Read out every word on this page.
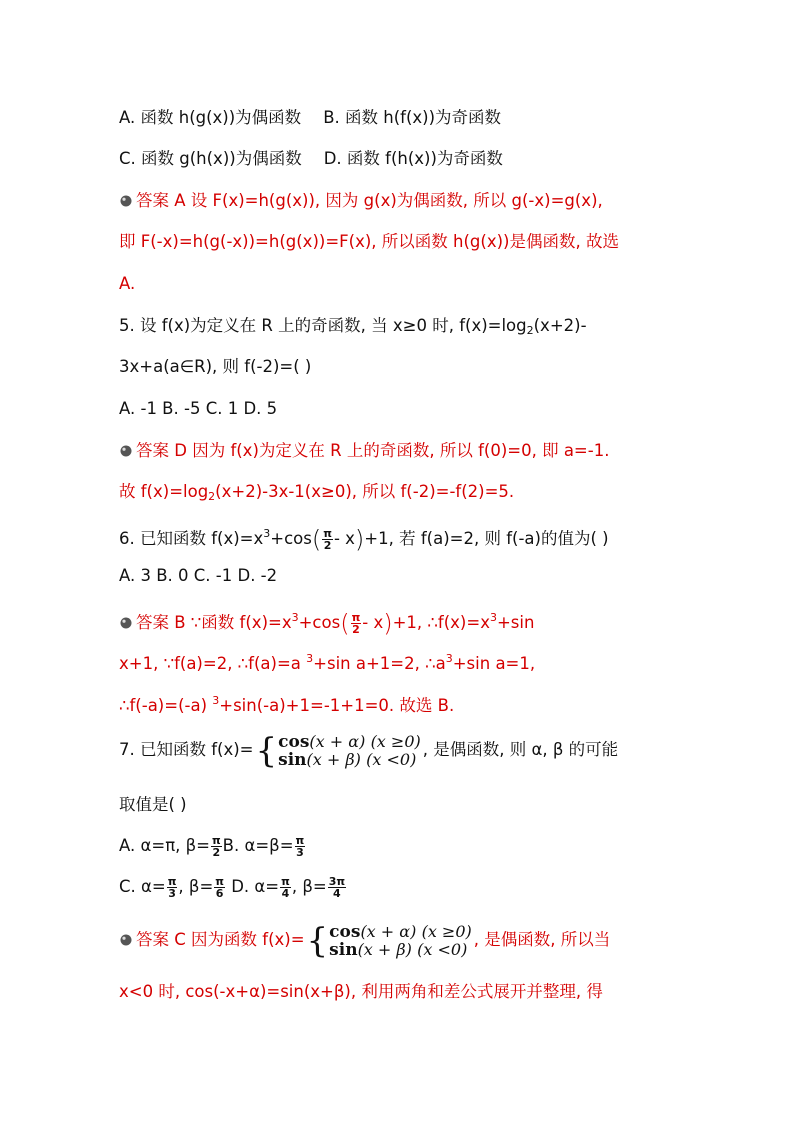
A. 函数 h(g(x))为偶函数 B. 函数 h(f(x))为奇函数
C. 函数 g(h(x))为偶函数 D. 函数 f(h(x))为奇函数
答案 A 设 F(x)=h(g(x)), 因为 g(x)为偶函数, 所以 g(-x)=g(x),
即 F(-x)=h(g(-x))=h(g(x))=F(x), 所以函数 h(g(x))是偶函数, 故选
A.
5. 设 f(x)为定义在 R 上的奇函数, 当 x≥0 时, $f(x)=\log_2(x+2)-$
3x+a(a∈R), 则 f(-2)=( )
A. -1 B. -5 C. 1 D. 5
答案 D 因为 f(x)为定义在 R 上的奇函数, 所以 f(0)=0, 即 a=-1.
故 $f(x)=\log_2(x+2)-3x-1(x\ge 0)$, 所以 f(-2)=-f(2)=5.
6. 已知函数 $f(x)=x^3+\cos( \frac{\pi}{2} - x)+1$, 若 f(a)=2, 则 f(-a)的值为( )
A. 3 B. 0 C. -1 D. -2
答案 B ∵函数 $f(x)=x^3+\cos( \frac{\pi}{2} - x)+1$, $\therefore f(x)=x^3+\sin$
x+1, ∵f(a)=2, ∴f(a)=a $^3$+sin a+1=2, $\therefore a^3+\sin$ a=1,
∴f(-a)=(-a) $^3$+sin(-a)+1=-1+1=0. 故选 B.
7. 已知函数 f(x)= { cos(x + α) (x ≥0)
sin(x + β) (x <0) , 是偶函数, 则 α, β 的可能
取值是( )
A. α=π, $\beta= \frac{\pi}{2} B$. $\alpha=\beta= \frac{\pi}{3}$
C. $\alpha= \frac{\pi}{3}$ , $\beta= \frac{\pi}{6} D$. $\alpha= \frac{\pi}{4}$ , $\beta= \frac{3\pi}{4}$
答案 C 因为函数 f(x)= { cos(x + α) (x ≥0)
sin(x + β) (x <0) , 是偶函数, 所以当
x<0 时, cos(-x+α)=sin(x+β), 利用两角和差公式展开并整理, 得
